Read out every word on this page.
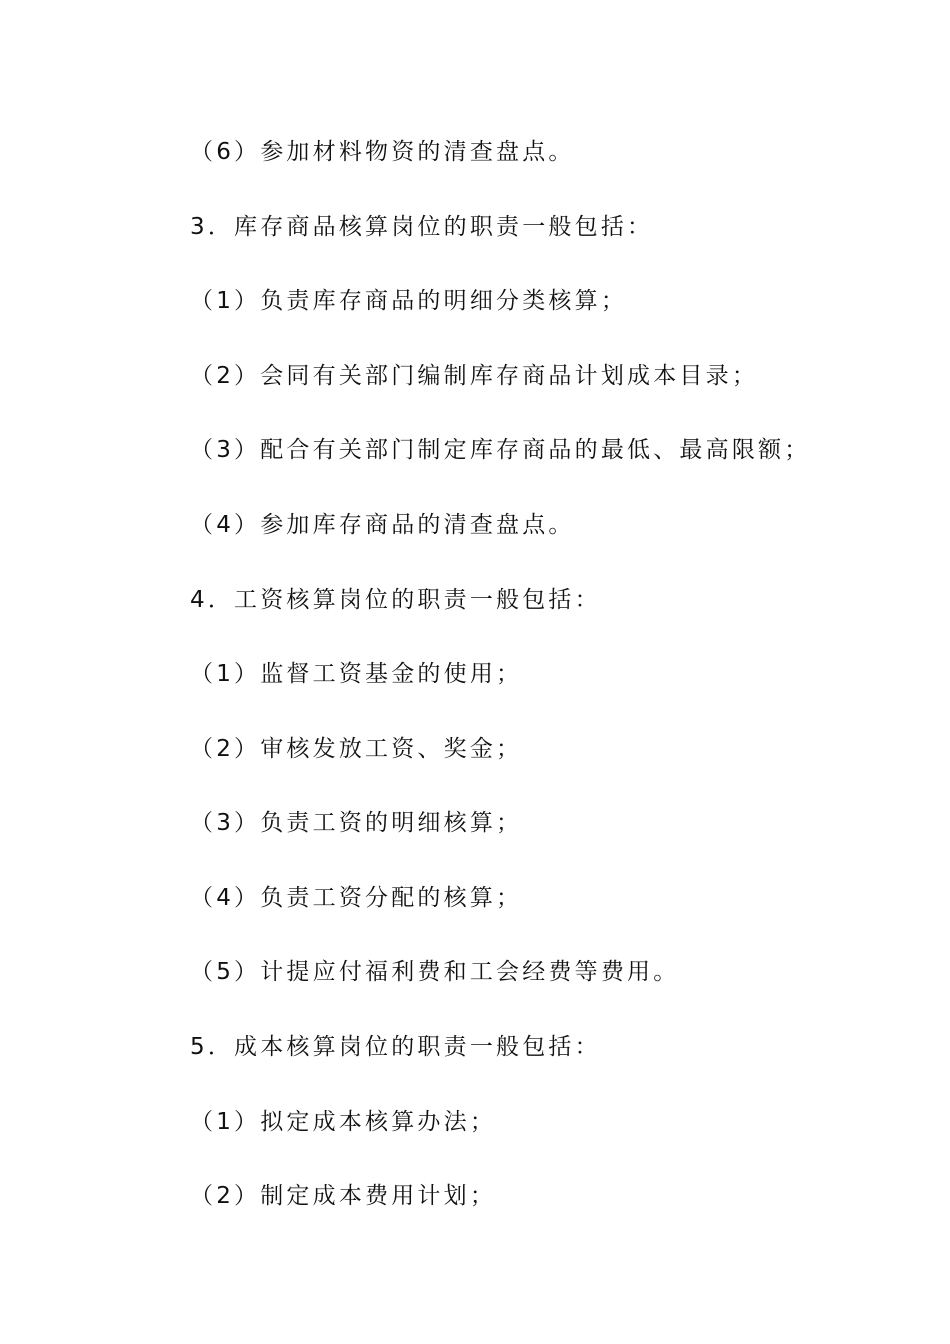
（6）参加材料物资的清查盘点。
3．库存商品核算岗位的职责一般包括：
（1）负责库存商品的明细分类核算；
（2）会同有关部门编制库存商品计划成本目录；
（3）配合有关部门制定库存商品的最低、最高限额；
（4）参加库存商品的清查盘点。
4．工资核算岗位的职责一般包括：
（1）监督工资基金的使用；
（2）审核发放工资、奖金；
（3）负责工资的明细核算；
（4）负责工资分配的核算；
（5）计提应付福利费和工会经费等费用。
5．成本核算岗位的职责一般包括：
（1）拟定成本核算办法；
（2）制定成本费用计划；
